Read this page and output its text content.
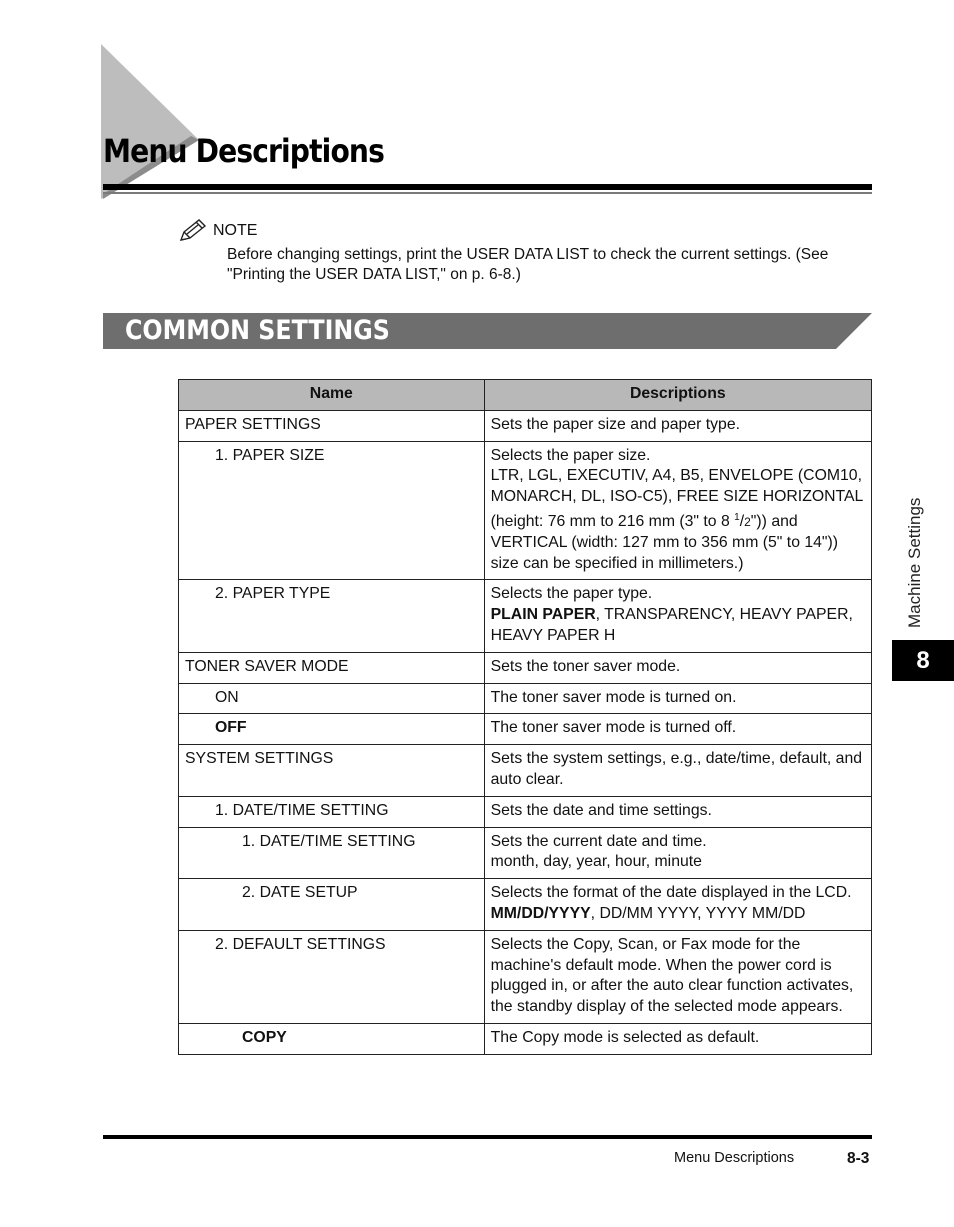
Menu Descriptions
NOTE
Before changing settings, print the USER DATA LIST to check the current settings. (See "Printing the USER DATA LIST," on p. 6-8.)
COMMON SETTINGS
Name	Descriptions
PAPER SETTINGS	Sets the paper size and paper type.
1. PAPER SIZE	Selects the paper size.
LTR, LGL, EXECUTIV, A4, B5, ENVELOPE (COM10, MONARCH, DL, ISO-C5), FREE SIZE HORIZONTAL (height: 76 mm to 216 mm (3" to 8 $^1$/2")) and VERTICAL (width: 127 mm to 356 mm (5" to 14")) size can be specified in millimeters.)
2. PAPER TYPE	Selects the paper type.
PLAIN PAPER, TRANSPARENCY, HEAVY PAPER, HEAVY PAPER H
TONER SAVER MODE	Sets the toner saver mode.
ON	The toner saver mode is turned on.
OFF	The toner saver mode is turned off.
SYSTEM SETTINGS	Sets the system settings, e.g., date/time, default, and auto clear.
1. DATE/TIME SETTING	Sets the date and time settings.
1. DATE/TIME SETTING	Sets the current date and time.
month, day, year, hour, minute
2. DATE SETUP	Selects the format of the date displayed in the LCD.
MM/DD/YYYY, DD/MM YYYY, YYYY MM/DD
2. DEFAULT SETTINGS	Selects the Copy, Scan, or Fax mode for the machine's default mode. When the power cord is plugged in, or after the auto clear function activates, the standby display of the selected mode appears.
COPY	The Copy mode is selected as default.
Machine Settings
8
Menu Descriptions	8-3
